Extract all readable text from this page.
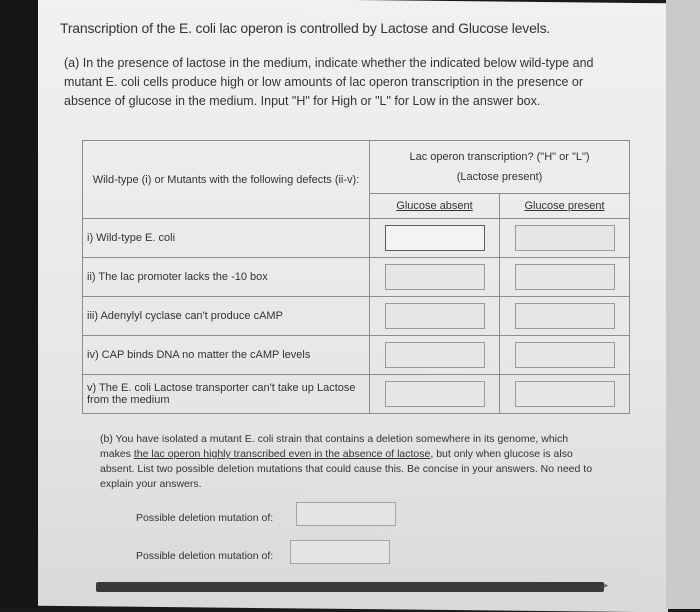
Transcription of the E. coli lac operon is controlled by Lactose and Glucose levels.
(a) In the presence of lactose in the medium, indicate whether the indicated below wild-type and
mutant E. coli cells produce high or low amounts of lac operon transcription in the presence or
absence of glucose in the medium. Input "H" for High or "L" for Low in the answer box.
Wild-type (i) or Mutants with the following defects (ii-v):	Lac operon transcription? ("H" or "L")
(Lactose present)	

	Glucose absent	Glucose present
i) Wild-type E. coli	

ii) The lac promoter lacks the -10 box	

iii) Adenylyl cyclase can't produce cAMP	

iv) CAP binds DNA no matter the cAMP levels	

v) The E. coli Lactose transporter can't take up Lactose from the medium	

(b) You have isolated a mutant E. coli strain that contains a deletion somewhere in its genome, which makes the lac operon highly transcribed even in the absence of lactose, but only when glucose is also absent. List two possible deletion mutations that could cause this. Be concise in your answers. No need to explain your answers.
Possible deletion mutation of:
Possible deletion mutation of:
▸
